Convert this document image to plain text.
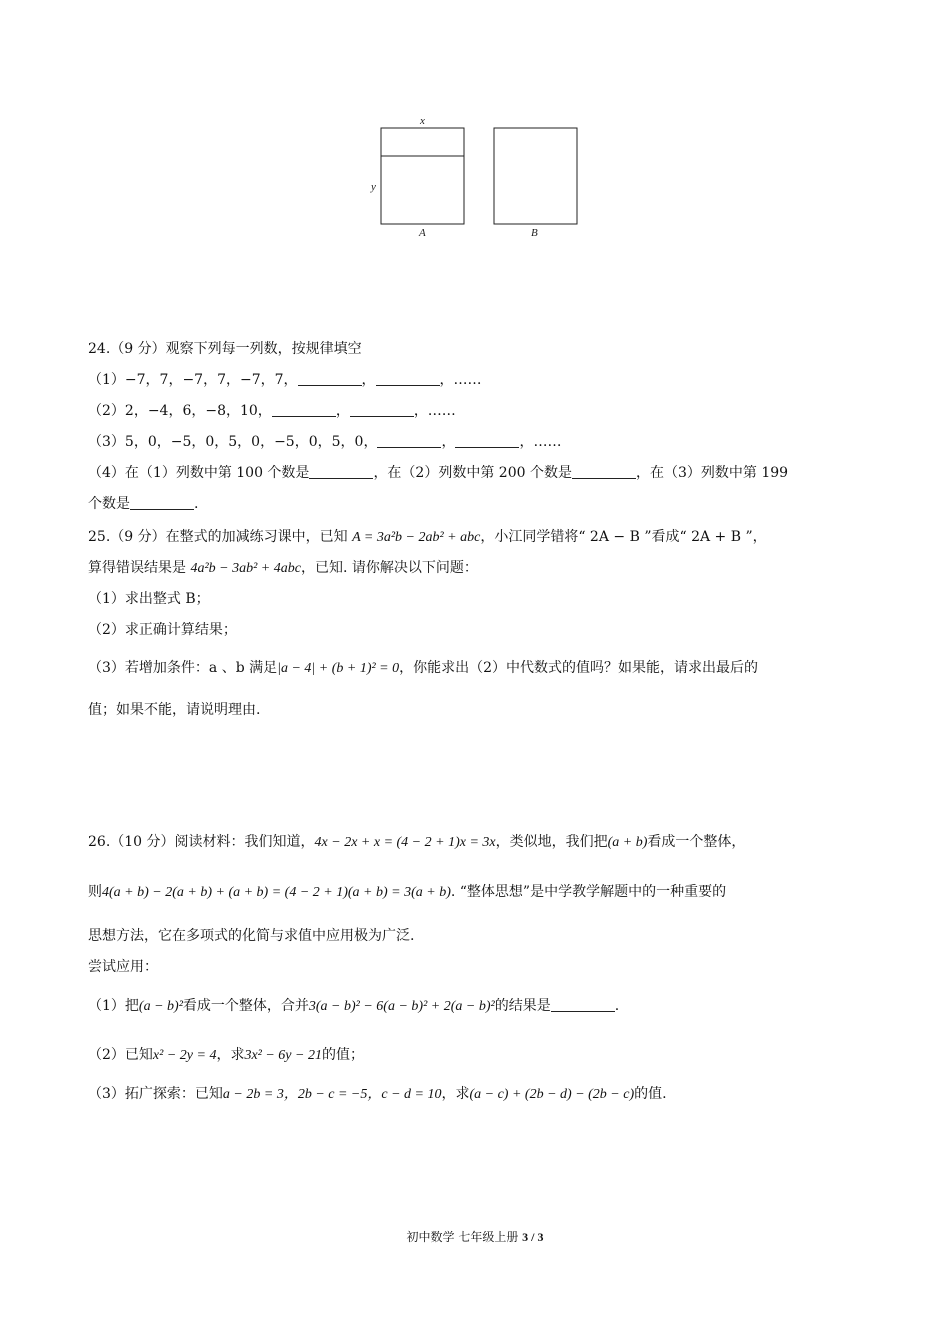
x
y
A	B
24.（9 分）观察下列每一列数，按规律填空
（1）−7，7，−7，7，−7，7，	，	，……
（2）2，−4，6，−8，10，	，	，……
（3）5，0，−5，0，5，0，−5，0，5，0，	，	，……
（4）在（1）列数中第 100 个数是	，在（2）列数中第 200 个数是	，在（3）列数中第 199
个数是	.
25.（9 分）在整式的加减练习课中，已知 A = 3a²b − 2ab² + abc，小江同学错将“ 2A − B ”看成“ 2A + B ”，
算得错误结果是 4a²b − 3ab² + 4abc，已知. 请你解决以下问题：
（1）求出整式 B；
（2）求正确计算结果；
（3）若增加条件：a 、b 满足|a − 4| + (b + 1)² = 0，你能求出（2）中代数式的值吗？如果能，请求出最后的
值；如果不能，请说明理由.
26.（10 分）阅读材料：我们知道，4x − 2x + x = (4 − 2 + 1)x = 3x，类似地，我们把(a + b)看成一个整体，
则4(a + b) − 2(a + b) + (a + b) = (4 − 2 + 1)(a + b) = 3(a + b). “整体思想”是中学教学解题中的一种重要的
思想方法，它在多项式的化简与求值中应用极为广泛.
尝试应用：
（1）把(a − b)²看成一个整体，合并3(a − b)² − 6(a − b)² + 2(a − b)²的结果是	.
（2）已知x² − 2y = 4，求3x² − 6y − 21的值；
（3）拓广探索：已知a − 2b = 3，2b − c = −5，c − d = 10，求(a − c) + (2b − d) − (2b − c)的值.
初中数学 七年级上册 3 / 3
